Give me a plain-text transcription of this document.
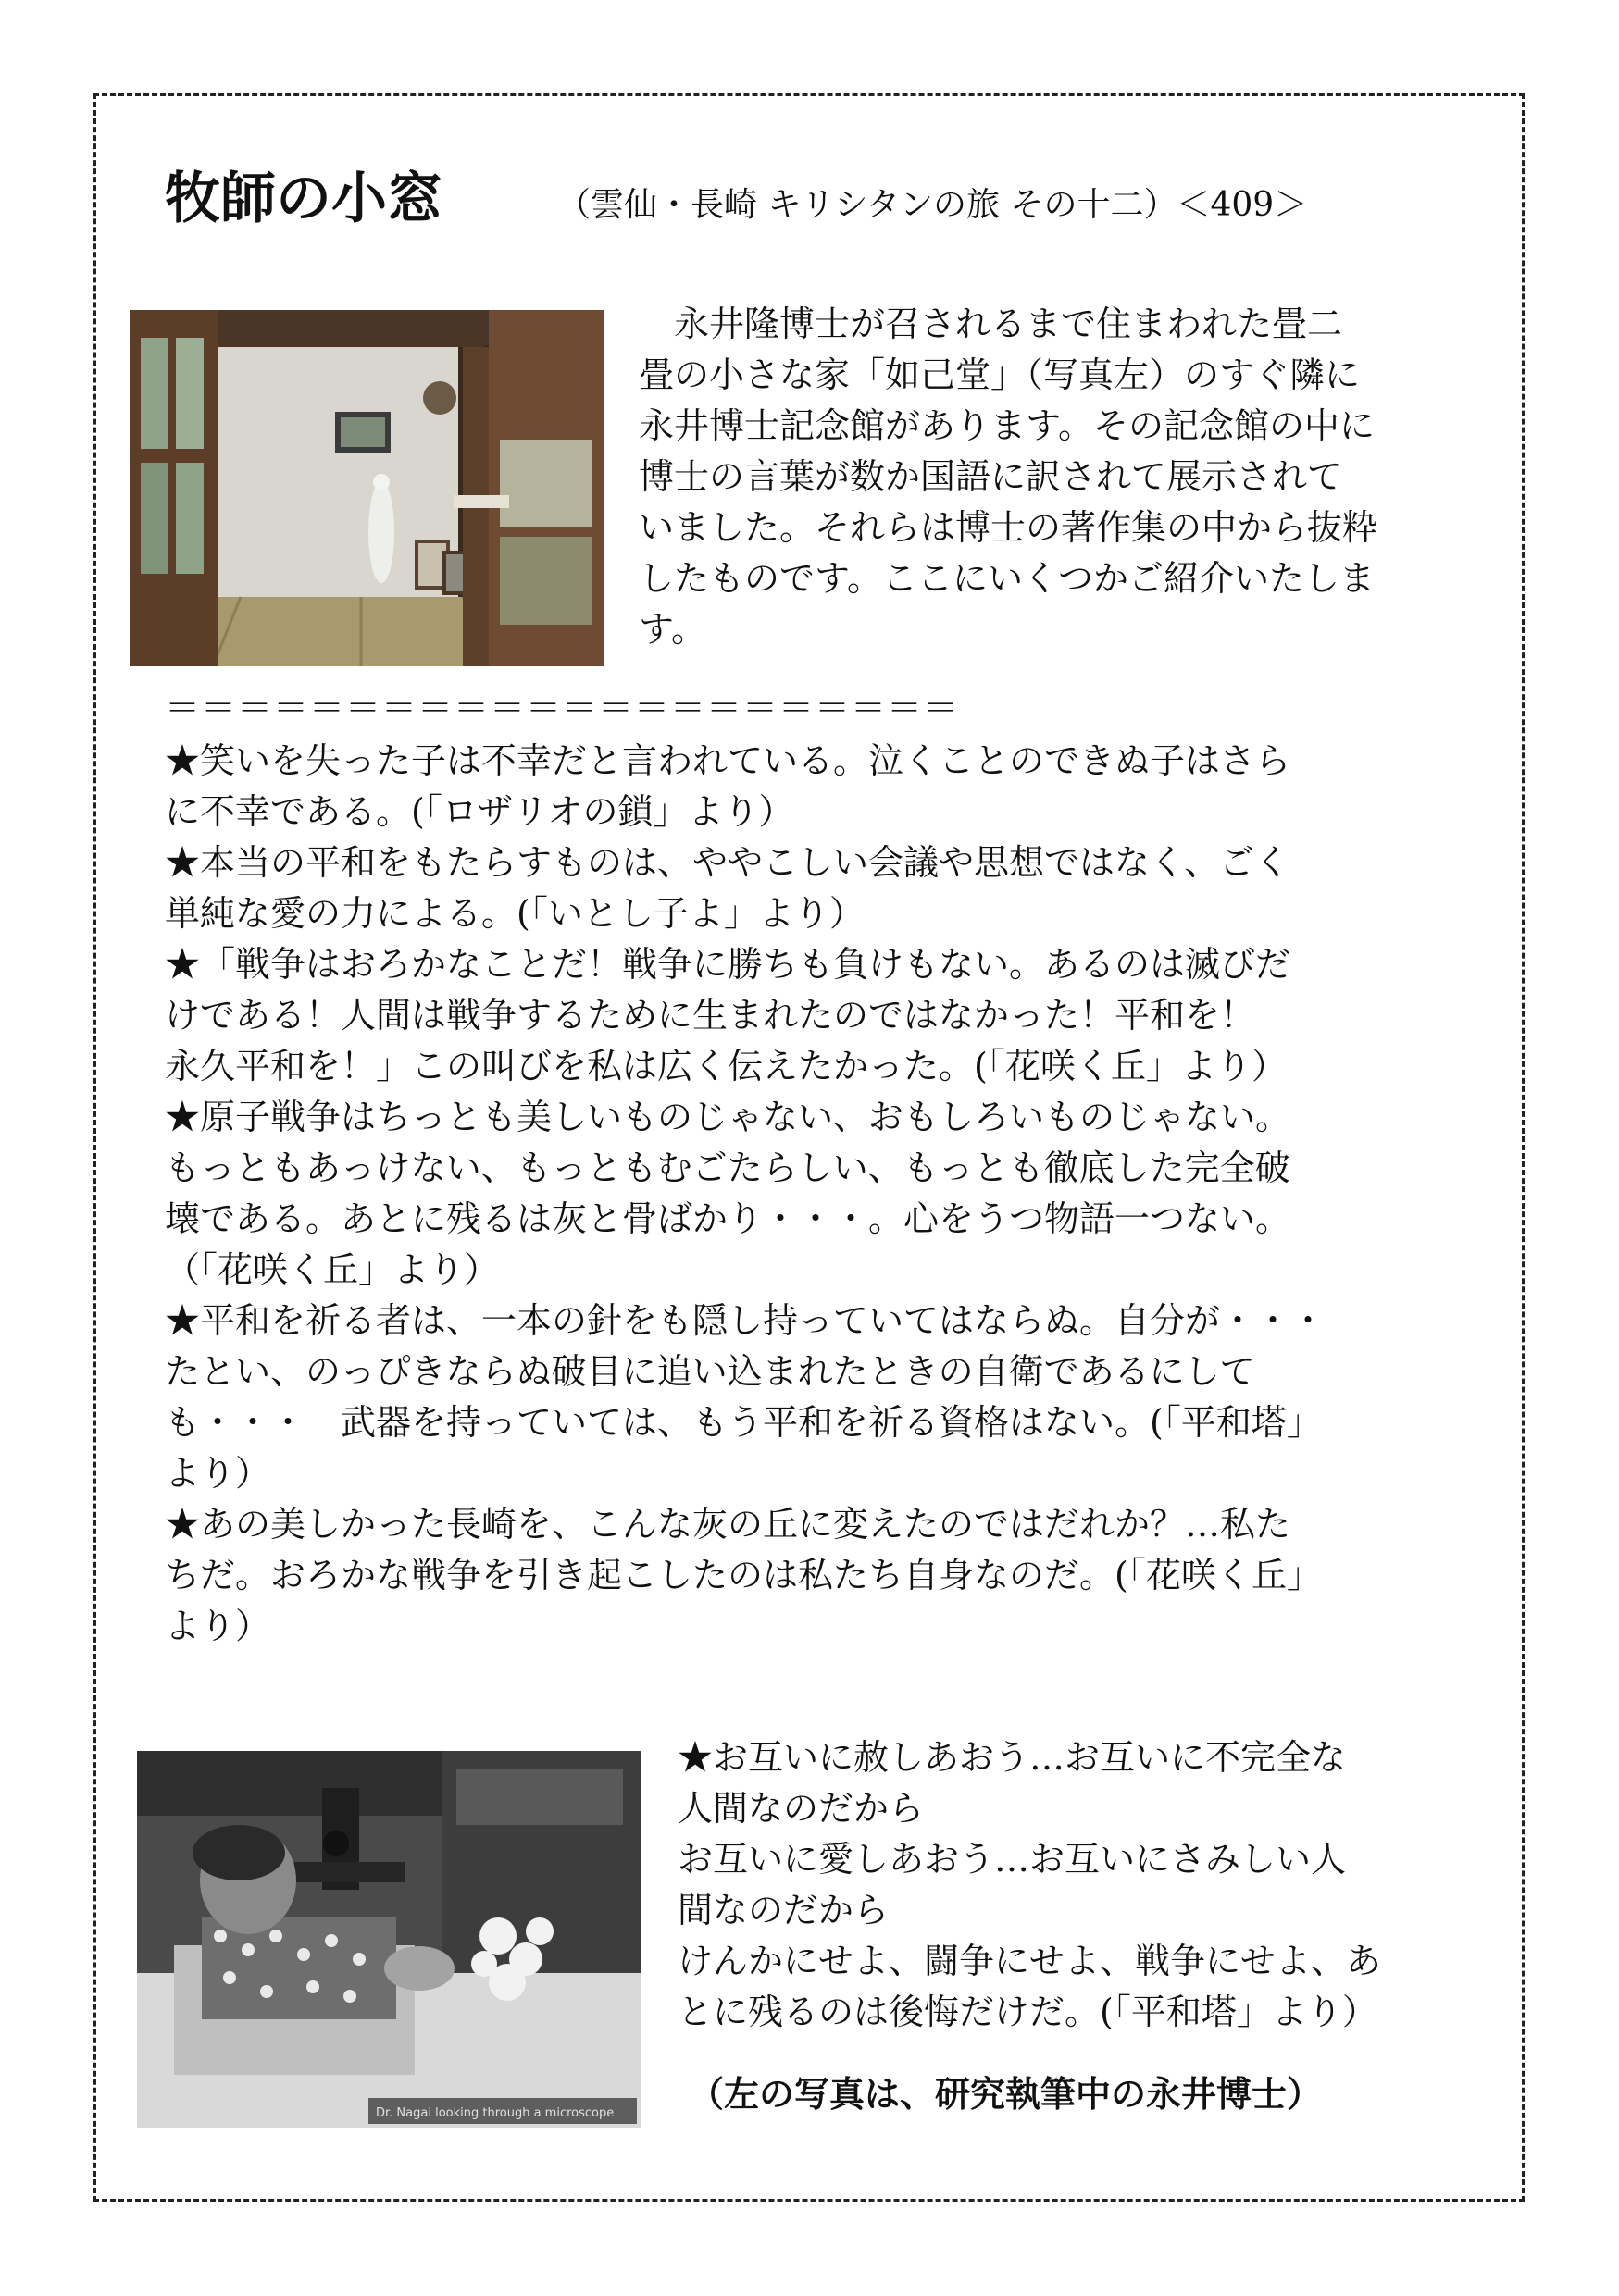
牧師の小窓	（雲仙・長崎 キリシタンの旅 その十二）＜409＞
　永井隆博士が召されるまで住まわれた畳二
畳の小さな家「如己堂」（写真左）のすぐ隣に
永井博士記念館があります。その記念館の中に
博士の言葉が数か国語に訳されて展示されて
いました。それらは博士の著作集の中から抜粋
したものです。ここにいくつかご紹介いたしま
す。
＝＝＝＝＝＝＝＝＝＝＝＝＝＝＝＝＝＝＝＝＝＝
★笑いを失った子は不幸だと言われている。泣くことのできぬ子はさら
に不幸である。(「ロザリオの鎖」より）
★本当の平和をもたらすものは、ややこしい会議や思想ではなく、ごく
単純な愛の力による。(「いとし子よ」より）
★「戦争はおろかなことだ！戦争に勝ちも負けもない。あるのは滅びだ
けである！人間は戦争するために生まれたのではなかった！平和を！
永久平和を！」この叫びを私は広く伝えたかった。(「花咲く丘」より）
★原子戦争はちっとも美しいものじゃない、おもしろいものじゃない。
もっともあっけない、もっともむごたらしい、もっとも徹底した完全破
壊である。あとに残るは灰と骨ばかり・・・。心をうつ物語一つない。
（「花咲く丘」より）
★平和を祈る者は、一本の針をも隠し持っていてはならぬ。自分が・・・
たとい、のっぴきならぬ破目に追い込まれたときの自衛であるにして
も・・・　武器を持っていては、もう平和を祈る資格はない。(「平和塔」
より）
★あの美しかった長崎を、こんな灰の丘に変えたのではだれか？…私た
ちだ。おろかな戦争を引き起こしたのは私たち自身なのだ。(「花咲く丘」
より）
Dr. Nagai looking through a microscope
★お互いに赦しあおう…お互いに不完全な
人間なのだから
お互いに愛しあおう…お互いにさみしい人
間なのだから
けんかにせよ、闘争にせよ、戦争にせよ、あ
とに残るのは後悔だけだ。(「平和塔」より）
（左の写真は、研究執筆中の永井博士）
